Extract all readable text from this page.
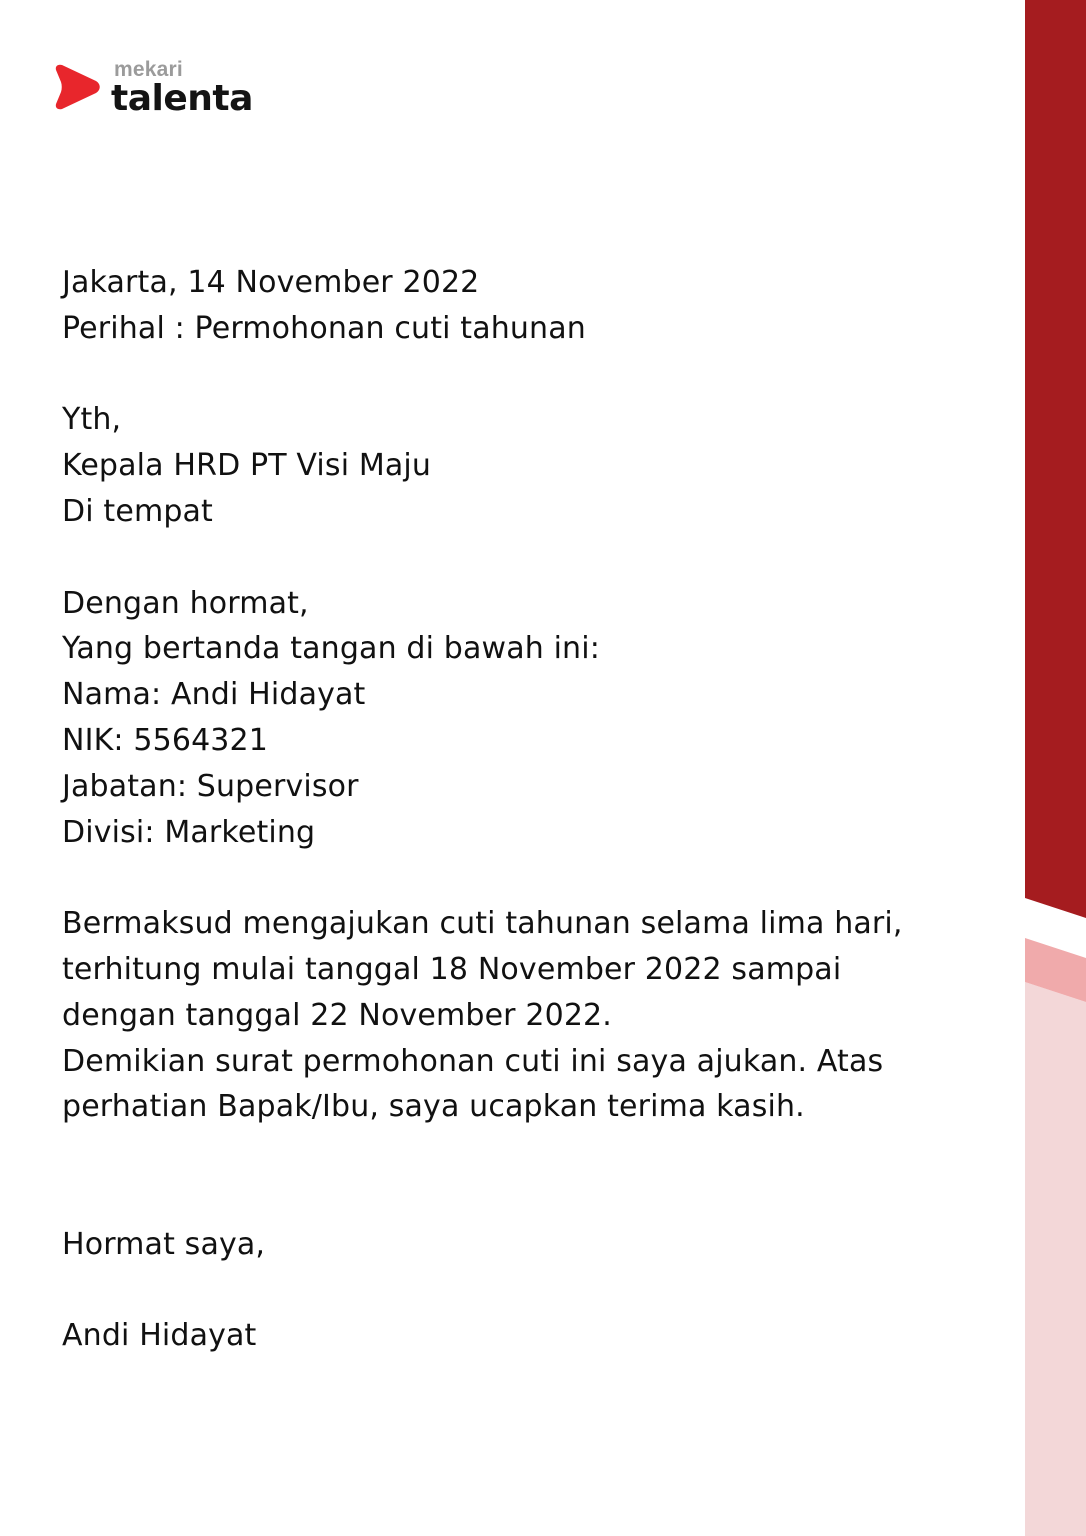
mekari
talenta
Jakarta, 14 November 2022
Perihal : Permohonan cuti tahunan
Yth,
Kepala HRD PT Visi Maju
Di tempat
Dengan hormat,
Yang bertanda tangan di bawah ini:
Nama: Andi Hidayat
NIK: 5564321
Jabatan: Supervisor
Divisi: Marketing
Bermaksud mengajukan cuti tahunan selama lima hari,
terhitung mulai tanggal 18 November 2022 sampai
dengan tanggal 22 November 2022.
Demikian surat permohonan cuti ini saya ajukan. Atas
perhatian Bapak/Ibu, saya ucapkan terima kasih.
Hormat saya,
Andi Hidayat
